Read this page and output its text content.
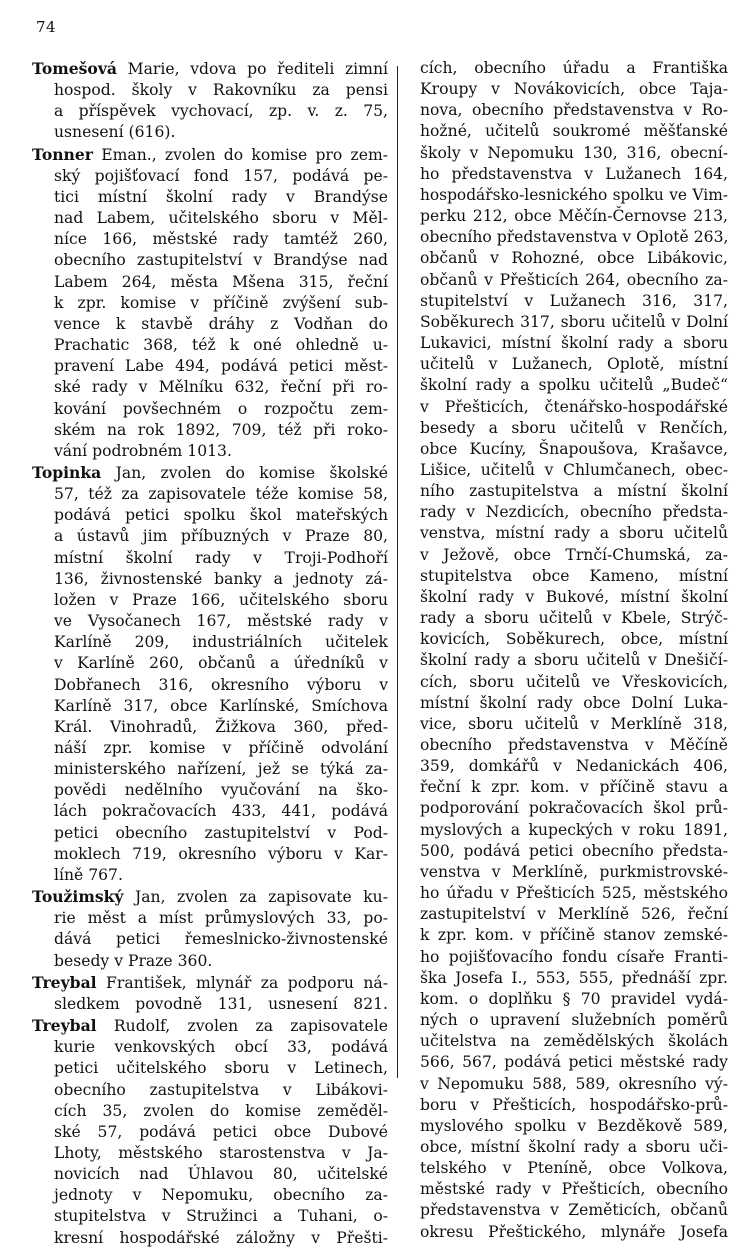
74
Tomešová Marie, vdova po řediteli zimní
hospod. školy v Rakovníku za pensi
a příspěvek vychovací, zp. v. z. 75,
usnesení (616).
Tonner Eman., zvolen do komise pro zem-
ský pojišťovací fond 157, podává pe-
tici místní školní rady v Brandýse
nad Labem, učitelského sboru v Měl-
níce 166, městské rady tamtéž 260,
obecního zastupitelství v Brandýse nad
Labem 264, města Mšena 315, řeční
k zpr. komise v příčině zvýšení sub-
vence k stavbě dráhy z Vodňan do
Prachatic 368, též k oné ohledně u-
pravení Labe 494, podává petici měst-
ské rady v Mělníku 632, řeční při ro-
kování povšechném o rozpočtu zem-
ském na rok 1892, 709, též při roko-
vání podrobném 1013.
Topinka Jan, zvolen do komise školské
57, též za zapisovatele téže komise 58,
podává petici spolku škol mateřských
a ústavů jim příbuzných v Praze 80,
místní školní rady v Troji-Podhoří
136, živnostenské banky a jednoty zá-
ložen v Praze 166, učitelského sboru
ve Vysočanech 167, městské rady v
Karlíně 209, industriálních učitelek
v Karlíně 260, občanů a úředníků v
Dobřanech 316, okresního výboru v
Karlíně 317, obce Karlínské, Smíchova
Král. Vinohradů, Žižkova 360, před-
náší zpr. komise v příčině odvolání
ministerského nařízení, jež se týká za-
povědi nedělního vyučování na ško-
lách pokračovacích 433, 441, podává
petici obecního zastupitelství v Pod-
moklech 719, okresního výboru v Kar-
líně 767.
Toužimský Jan, zvolen za zapisovate ku-
rie měst a míst průmyslových 33, po-
dává petici řemeslnicko-živnostenské
besedy v Praze 360.
Treybal František, mlynář za podporu ná-
sledkem povodně 131, usnesení 821.
Treybal Rudolf, zvolen za zapisovatele
kurie venkovských obcí 33, podává
petici učitelského sboru v Letinech,
obecního zastupitelstva v Libákovi-
cích 35, zvolen do komise zeměděl-
ské 57, podává petici obce Dubové
Lhoty, městského starostenstva v Ja-
novicích nad Úhlavou 80, učitelské
jednoty v Nepomuku, obecního za-
stupitelstva v Stružinci a Tuhani, o-
kresní hospodářské záložny v Přešti-
cích, obecního úřadu a Františka
Kroupy v Novákovicích, obce Taja-
nova, obecního představenstva v Ro-
hožné, učitelů soukromé měšťanské
školy v Nepomuku 130, 316, obecní-
ho představenstva v Lužanech 164,
hospodářsko-lesnického spolku ve Vim-
perku 212, obce Měčín-Černovse 213,
obecního představenstva v Oplotě 263,
občanů v Rohozné, obce Libákovic,
občanů v Přešticích 264, obecního za-
stupitelství v Lužanech 316, 317,
Soběkurech 317, sboru učitelů v Dolní
Lukavici, místní školní rady a sboru
učitelů v Lužanech, Oplotě, místní
školní rady a spolku učitelů „Budeč“
v Přešticích, čtenářsko-hospodářské
besedy a sboru učitelů v Renčích,
obce Kucíny, Šnapoušova, Krašavce,
Lišice, učitelů v Chlumčanech, obec-
ního zastupitelstva a místní školní
rady v Nezdicích, obecního předsta-
venstva, místní rady a sboru učitelů
v Ježově, obce Trnčí-Chumská, za-
stupitelstva obce Kameno, místní
školní rady v Bukové, místní školní
rady a sboru učitelů v Kbele, Strýč-
kovicích, Soběkurech, obce, místní
školní rady a sboru učitelů v Dnešičí-
cích, sboru učitelů ve Vřeskovicích,
místní školní rady obce Dolní Luka-
vice, sboru učitelů v Merklíně 318,
obecního představenstva v Měčíně
359, domkářů v Nedanickách 406,
řeční k zpr. kom. v příčině stavu a
podporování pokračovacích škol prů-
myslových a kupeckých v roku 1891,
500, podává petici obecního předsta-
venstva v Merklíně, purkmistrovské-
ho úřadu v Přešticích 525, městského
zastupitelství v Merklíně 526, řeční
k zpr. kom. v příčině stanov zemské-
ho pojišťovacího fondu císaře Franti-
ška Josefa I., 553, 555, přednáší zpr.
kom. o doplňku § 70 pravidel vydá-
ných o upravení služebních poměrů
učitelstva na zemědělských školách
566, 567, podává petici městské rady
v Nepomuku 588, 589, okresního vý-
boru v Přešticích, hospodářsko-prů-
myslového spolku v Bezděkově 589,
obce, místní školní rady a sboru uči-
telského v Pteníně, obce Volkova,
městské rady v Přešticích, obecního
představenstva v Zeměticích, občanů
okresu Přeštického, mlynáře Josefa
